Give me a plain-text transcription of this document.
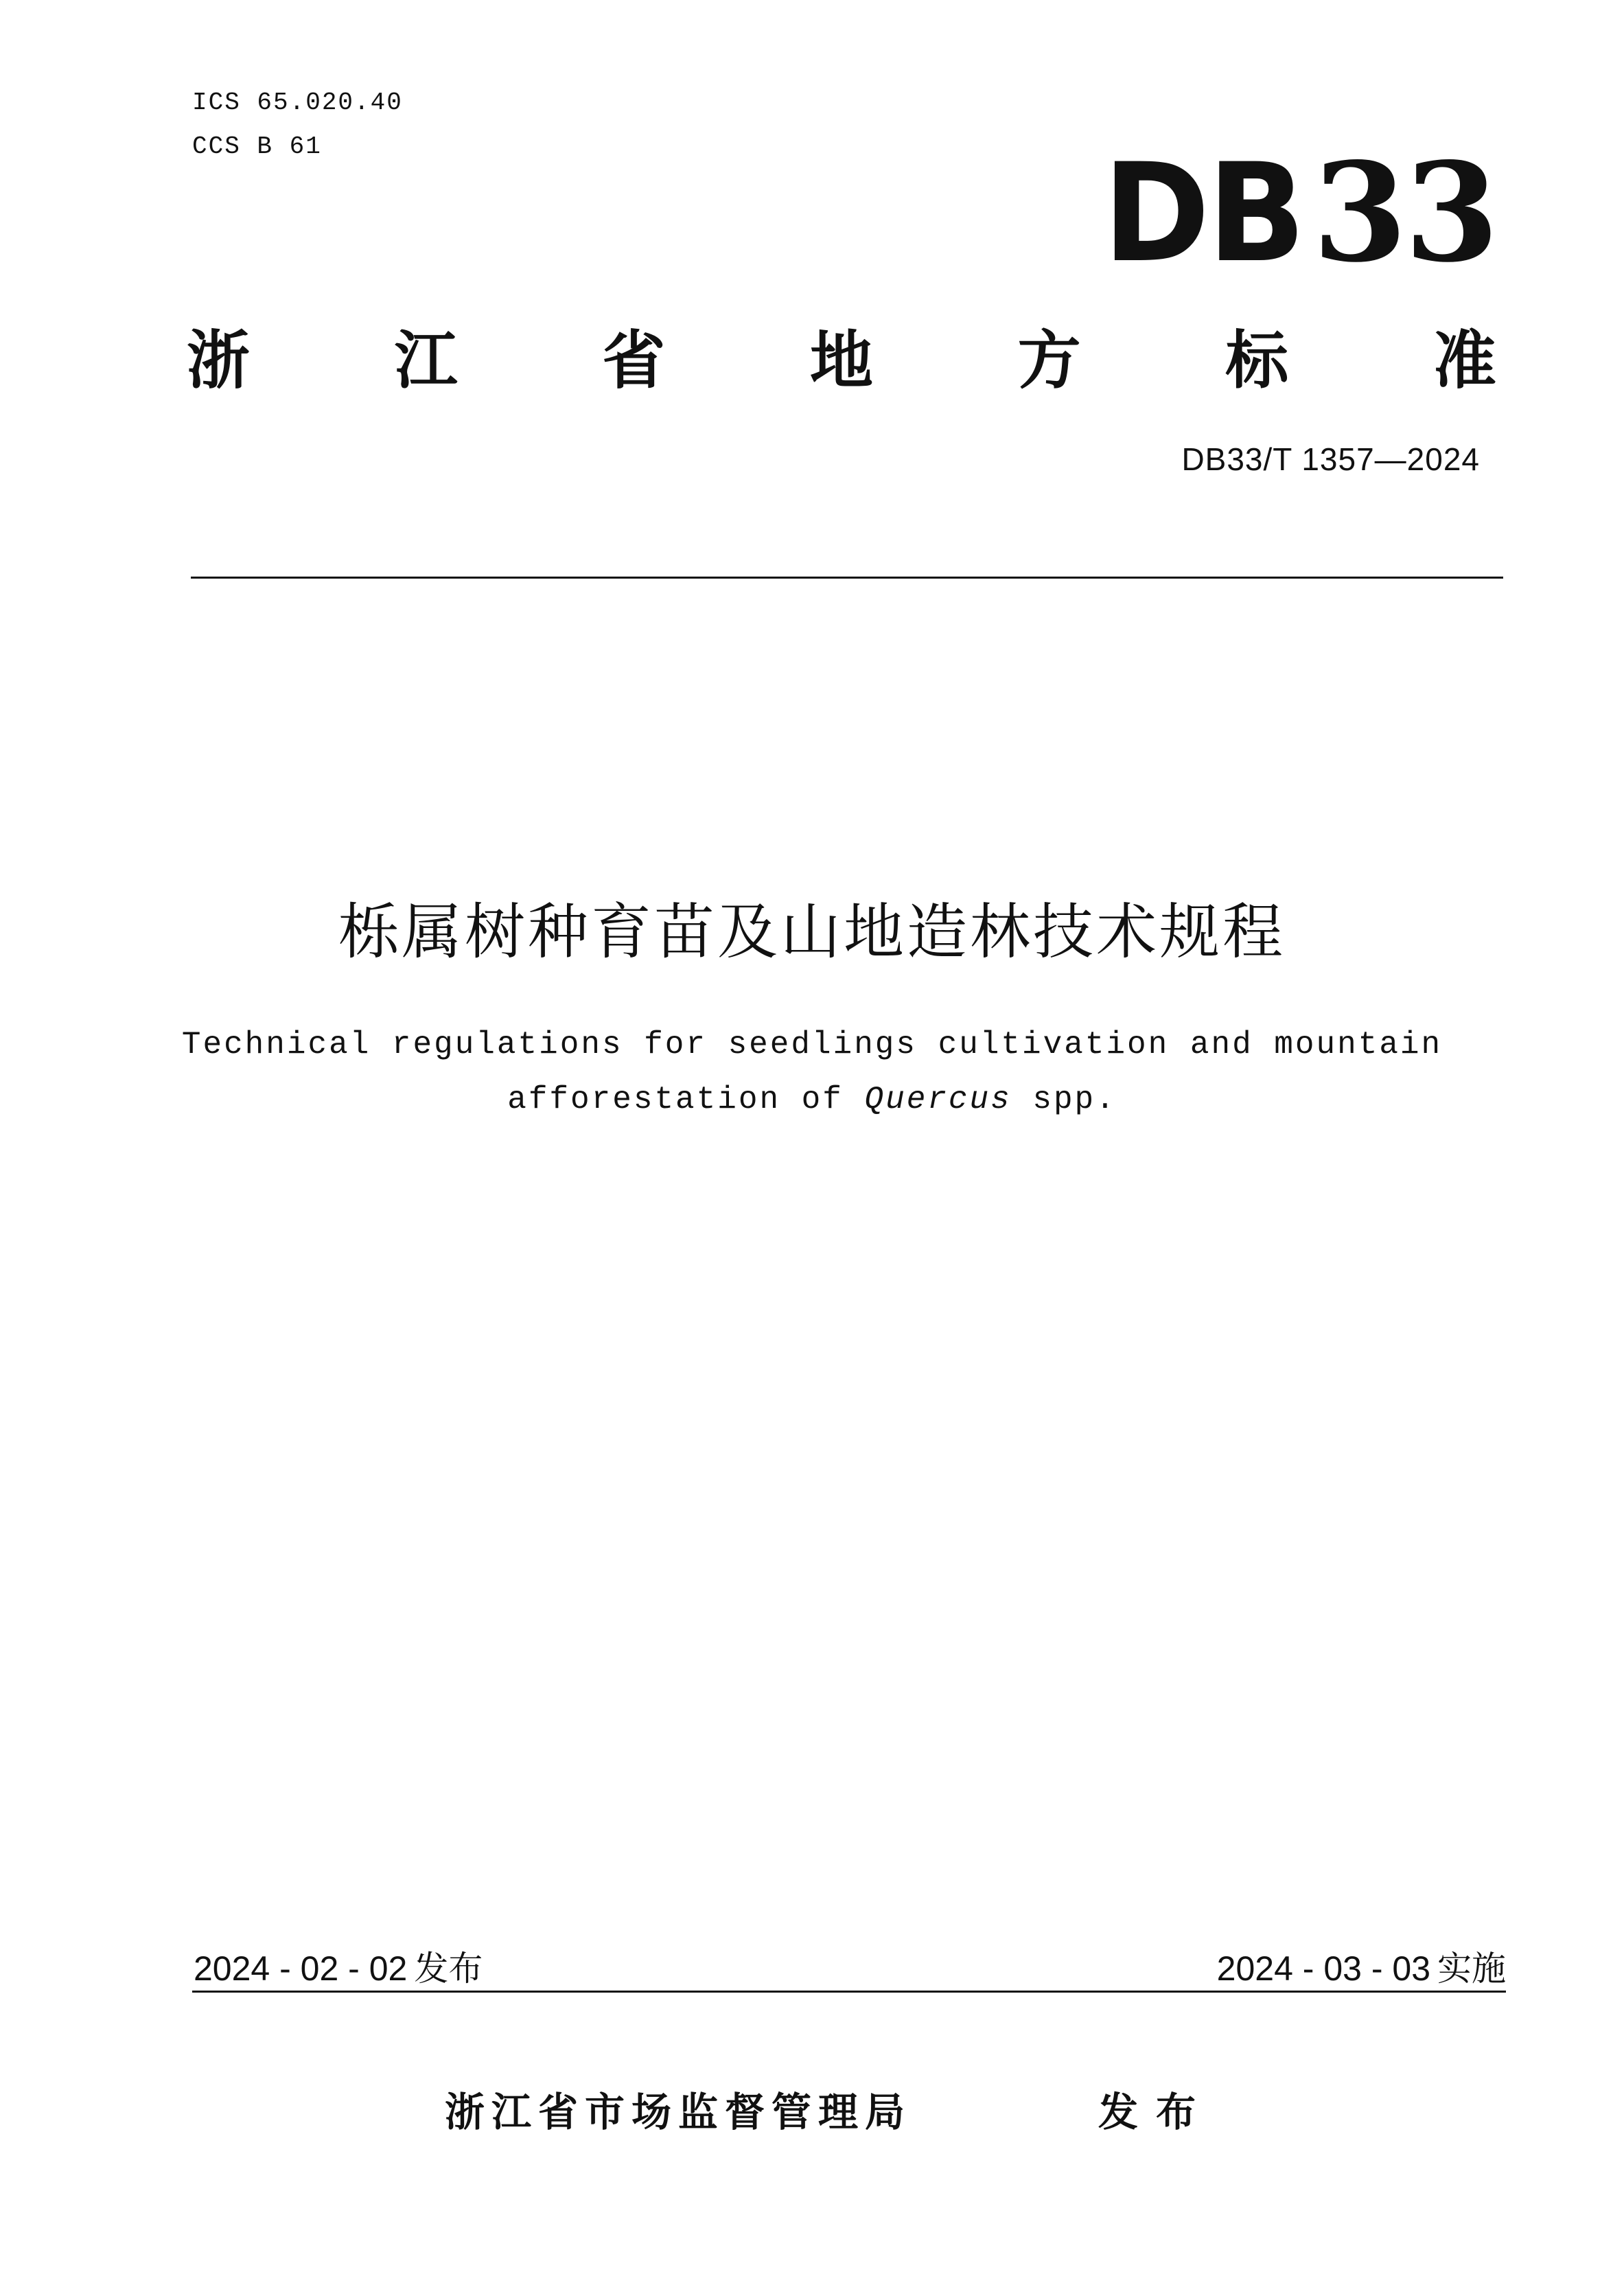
ICS 65.020.40
CCS B 61	DB33
浙 江 省 地 方 标 准
DB33/T 1357—2024
栎属树种育苗及山地造林技术规程
Technical regulations for seedlings cultivation and mountain
afforestation of Quercus spp.
2024 - 02 - 02 发布	2024 - 03 - 03 实施
浙江省市场监督管理局	发布
